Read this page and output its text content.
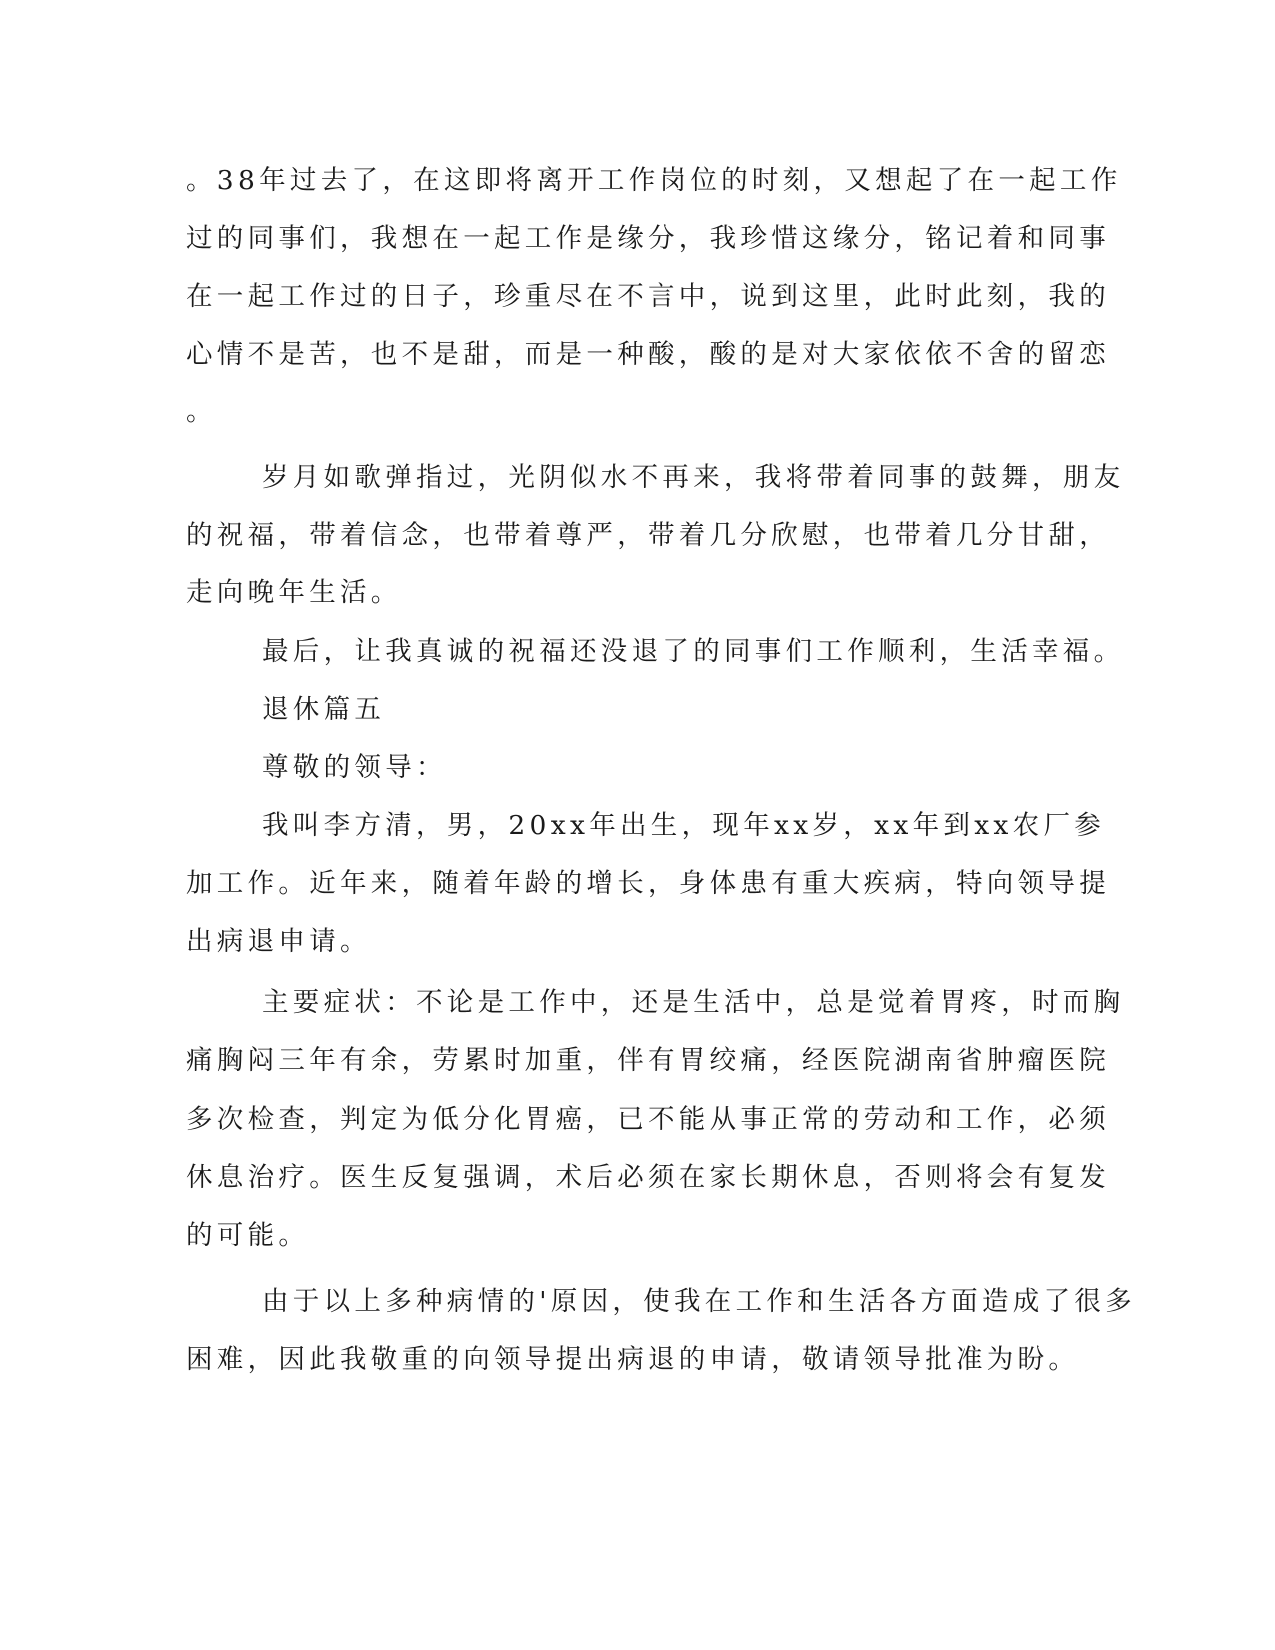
。38年过去了，在这即将离开工作岗位的时刻，又想起了在一起工作
过的同事们，我想在一起工作是缘分，我珍惜这缘分，铭记着和同事
在一起工作过的日子，珍重尽在不言中，说到这里，此时此刻，我的
心情不是苦，也不是甜，而是一种酸，酸的是对大家依依不舍的留恋
。
岁月如歌弹指过，光阴似水不再来，我将带着同事的鼓舞，朋友
的祝福，带着信念，也带着尊严，带着几分欣慰，也带着几分甘甜，
走向晚年生活。
最后，让我真诚的祝福还没退了的同事们工作顺利，生活幸福。
退休篇五
尊敬的领导：
我叫李方清，男，20xx年出生，现年xx岁，xx年到xx农厂参
加工作。近年来，随着年龄的增长，身体患有重大疾病，特向领导提
出病退申请。
主要症状：不论是工作中，还是生活中，总是觉着胃疼，时而胸
痛胸闷三年有余，劳累时加重，伴有胃绞痛，经医院湖南省肿瘤医院
多次检查，判定为低分化胃癌，已不能从事正常的劳动和工作，必须
休息治疗。医生反复强调，术后必须在家长期休息，否则将会有复发
的可能。
由于以上多种病情的'原因，使我在工作和生活各方面造成了很多
困难，因此我敬重的向领导提出病退的申请，敬请领导批准为盼。
